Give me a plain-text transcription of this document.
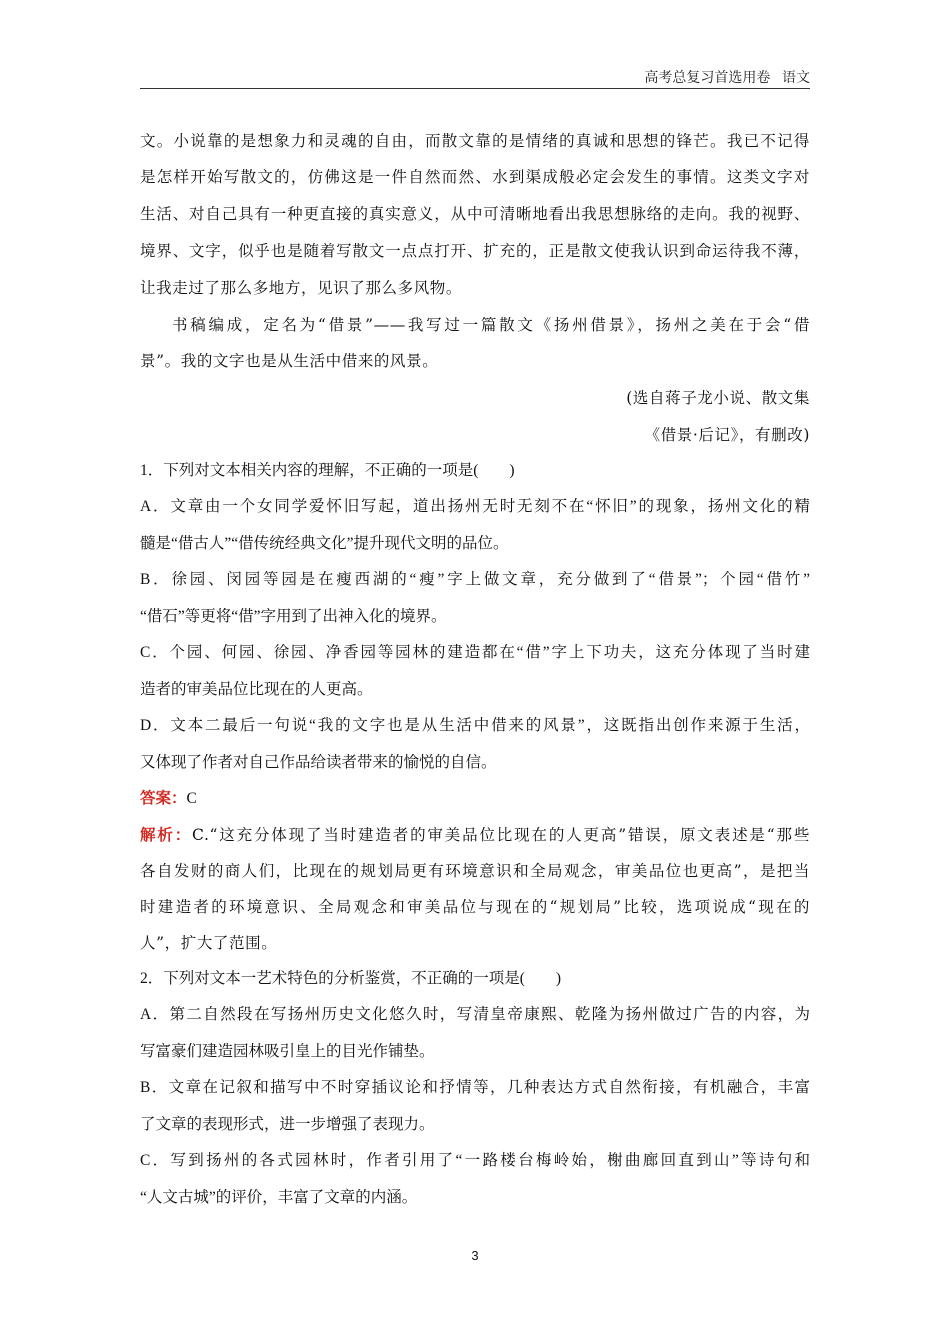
高考总复习首选用卷 语文
文。小说靠的是想象力和灵魂的自由，而散文靠的是情绪的真诚和思想的锋芒。我已不记得
是怎样开始写散文的，仿佛这是一件自然而然、水到渠成般必定会发生的事情。这类文字对
生活、对自己具有一种更直接的真实意义，从中可清晰地看出我思想脉络的走向。我的视野、
境界、文字，似乎也是随着写散文一点点打开、扩充的，正是散文使我认识到命运待我不薄，
让我走过了那么多地方，见识了那么多风物。
书稿编成，定名为“借景”——我写过一篇散文《扬州借景》，扬州之美在于会“借
景”。我的文字也是从生活中借来的风景。
(选自蒋子龙小说、散文集
《借景·后记》，有删改)
1．下列对文本相关内容的理解，不正确的一项是(　　)
A．文章由一个女同学爱怀旧写起，道出扬州无时无刻不在“怀旧”的现象，扬州文化的精
髓是“借古人”“借传统经典文化”提升现代文明的品位。
B．徐园、闵园等园是在瘦西湖的“瘦”字上做文章，充分做到了“借景”；个园“借竹”
“借石”等更将“借”字用到了出神入化的境界。
C．个园、何园、徐园、净香园等园林的建造都在“借”字上下功夫，这充分体现了当时建
造者的审美品位比现在的人更高。
D．文本二最后一句说“我的文字也是从生活中借来的风景”，这既指出创作来源于生活，
又体现了作者对自己作品给读者带来的愉悦的自信。
答案：C
解析：C.“这充分体现了当时建造者的审美品位比现在的人更高”错误，原文表述是“那些
各自发财的商人们，比现在的规划局更有环境意识和全局观念，审美品位也更高”，是把当
时建造者的环境意识、全局观念和审美品位与现在的“规划局”比较，选项说成“现在的
人”，扩大了范围。
2．下列对文本一艺术特色的分析鉴赏，不正确的一项是(　　)
A．第二自然段在写扬州历史文化悠久时，写清皇帝康熙、乾隆为扬州做过广告的内容，为
写富豪们建造园林吸引皇上的目光作铺垫。
B．文章在记叙和描写中不时穿插议论和抒情等，几种表达方式自然衔接，有机融合，丰富
了文章的表现形式，进一步增强了表现力。
C．写到扬州的各式园林时，作者引用了“一路楼台梅岭始，榭曲廊回直到山”等诗句和
“人文古城”的评价，丰富了文章的内涵。
3
